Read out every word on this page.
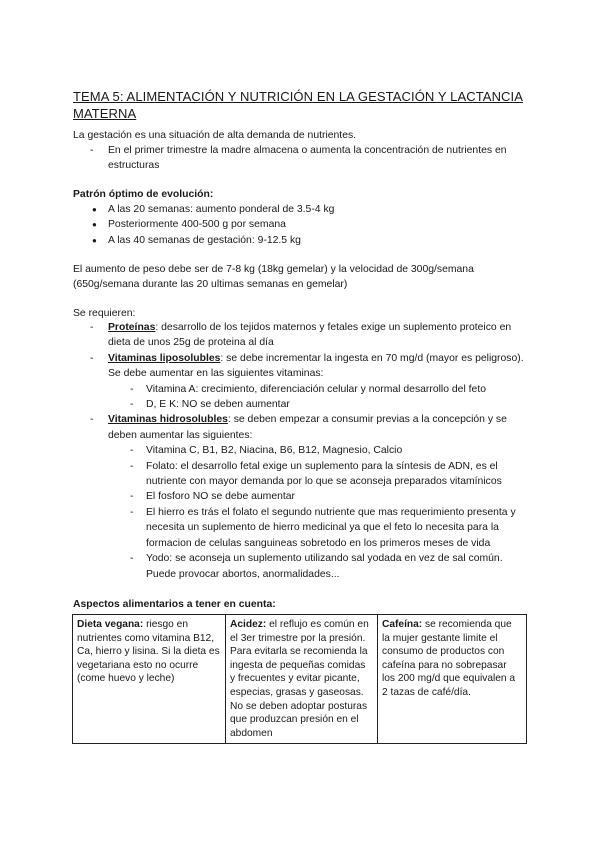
TEMA 5: ALIMENTACIÓN Y NUTRICIÓN EN LA GESTACIÓN Y LACTANCIA MATERNA

La gestación es una situación de alta demanda de nutrientes.

- En el primer trimestre la madre almacena o aumenta la concentración de nutrientes en estructuras

Patrón óptimo de evolución:

● A las 20 semanas: aumento ponderal de 3.5-4 kg
● Posteriormente 400-500 g por semana
● A las 40 semanas de gestación: 9-12.5 kg

El aumento de peso debe ser de 7-8 kg (18kg gemelar) y la velocidad de 300g/semana (650g/semana durante las 20 ultimas semanas en gemelar)

Se requieren:

- Proteínas: desarrollo de los tejidos maternos y fetales exige un suplemento proteico en dieta de unos 25g de proteina al día
- Vitaminas liposolubles: se debe incrementar la ingesta en 70 mg/d (mayor es peligroso). Se debe aumentar en las siguientes vitaminas:
- Vitamina A: crecimiento, diferenciación celular y normal desarrollo del feto
- D, E K: NO se deben aumentar
- Vitaminas hidrosolubles: se deben empezar a consumir previas a la concepción y se deben aumentar las siguientes:
- Vitamina C, B1, B2, Niacina, B6, B12, Magnesio, Calcio
- Folato: el desarrollo fetal exige un suplemento para la síntesis de ADN, es el nutriente con mayor demanda por lo que se aconseja preparados vitamínicos
- El fosforo NO se debe aumentar
- El hierro es trás el folato el segundo nutriente que mas requerimiento presenta y necesita un suplemento de hierro medicinal ya que el feto lo necesita para la formacion de celulas sanguineas sobretodo en los primeros meses de vida
- Yodo: se aconseja un suplemento utilizando sal yodada en vez de sal común. Puede provocar abortos, anormalidades...

Aspectos alimentarios a tener en cuenta:

Dieta vegana: riesgo en nutrientes como vitamina B12, Ca, hierro y lisina. Si la dieta es vegetariana esto no ocurre (come huevo y leche)	Acidez: el reflujo es común en el 3er trimestre por la presión. Para evitarla se recomienda la ingesta de pequeñas comidas y frecuentes y evitar picante, especias, grasas y gaseosas. No se deben adoptar posturas que produzcan presión en el abdomen	Cafeína: se recomienda que la mujer gestante limite el consumo de productos con cafeína para no sobrepasar los 200 mg/d que equivalen a 2 tazas de café/día.
